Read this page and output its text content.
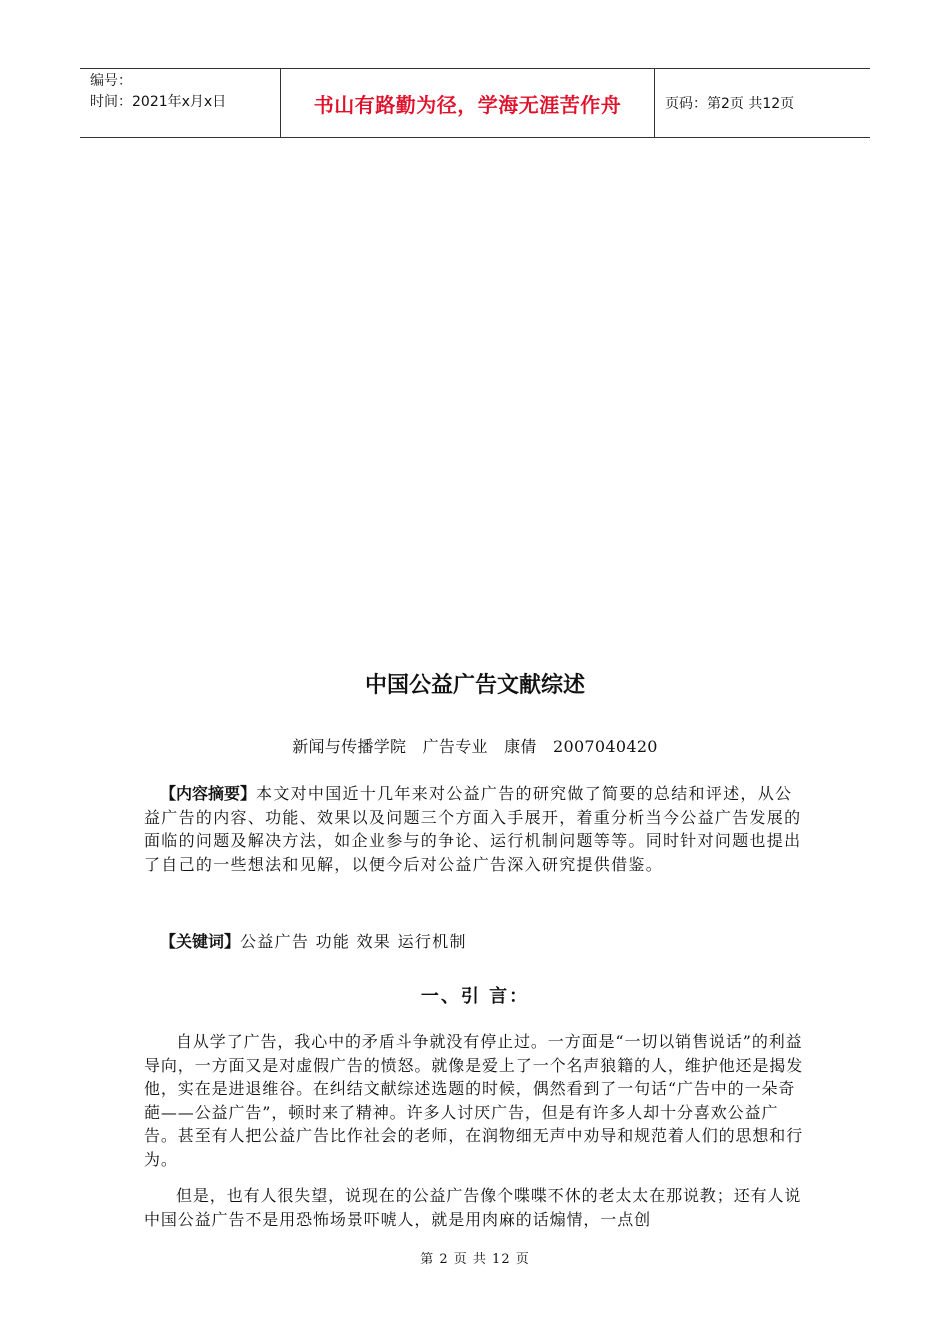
编号：
时间：2021年x月x日	书山有路勤为径，学海无涯苦作舟	页码：第2页 共12页
中国公益广告文献综述
新闻与传播学院　广告专业　康倩　2007040420
【内容摘要】本文对中国近十几年来对公益广告的研究做了简要的总结和评述，从公益广告的内容、功能、效果以及问题三个方面入手展开，着重分析当今公益广告发展的面临的问题及解决方法，如企业参与的争论、运行机制问题等等。同时针对问题也提出了自己的一些想法和见解，以便今后对公益广告深入研究提供借鉴。
【关键词】公益广告 功能 效果 运行机制
一、引 言：
自从学了广告，我心中的矛盾斗争就没有停止过。一方面是“一切以销售说话”的利益导向，一方面又是对虚假广告的愤怒。就像是爱上了一个名声狼籍的人，维护他还是揭发他，实在是进退维谷。在纠结文献综述选题的时候，偶然看到了一句话“广告中的一朵奇葩——公益广告”，顿时来了精神。许多人讨厌广告，但是有许多人却十分喜欢公益广告。甚至有人把公益广告比作社会的老师，在润物细无声中劝导和规范着人们的思想和行为。
但是，也有人很失望，说现在的公益广告像个喋喋不休的老太太在那说教；还有人说中国公益广告不是用恐怖场景吓唬人，就是用肉麻的话煽情，一点创
第 2 页 共 12 页
